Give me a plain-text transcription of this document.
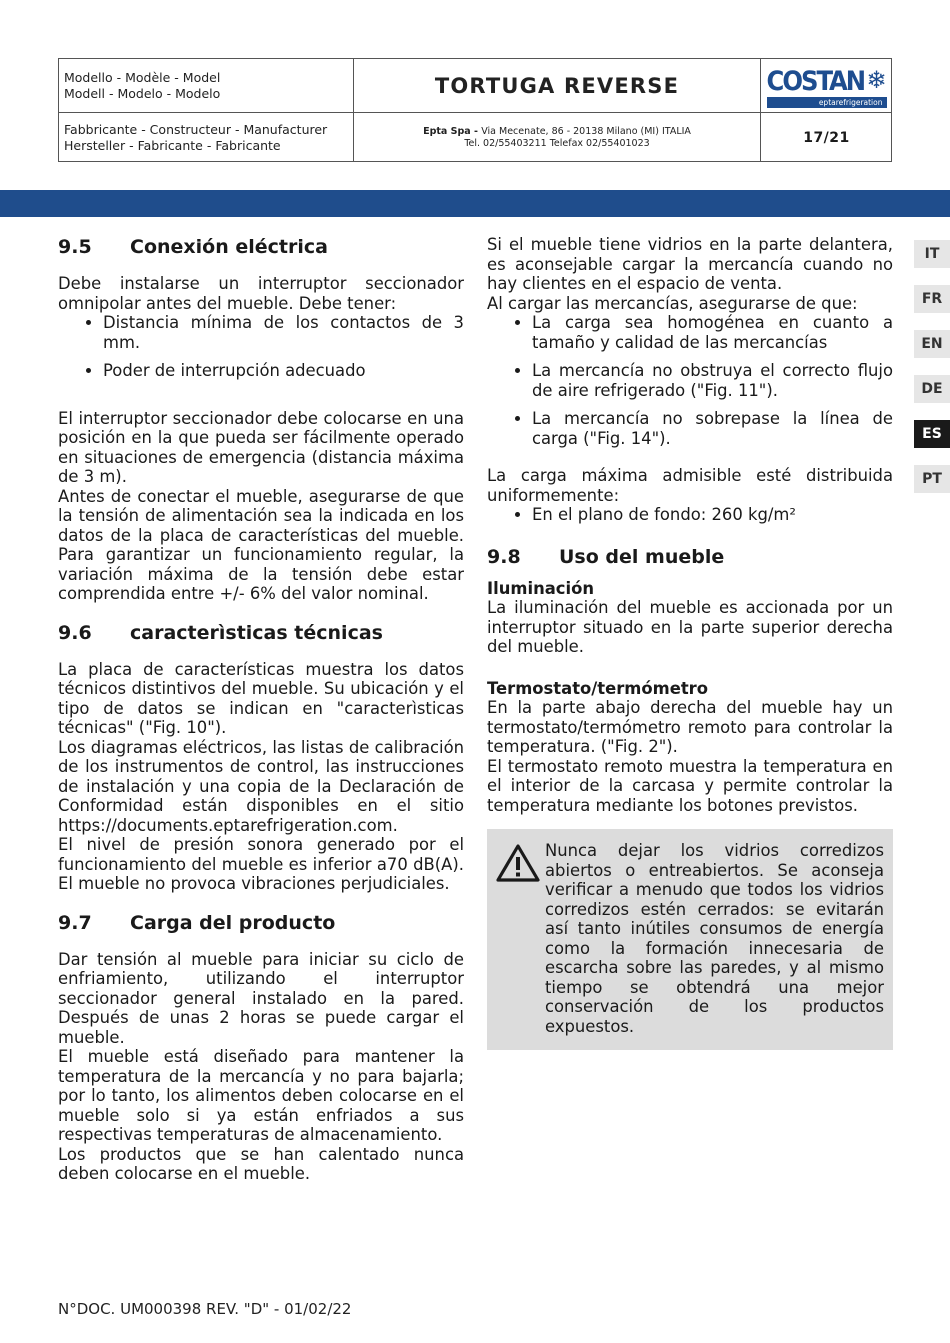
Modello - Modèle - Model
Modell - Modelo - Modelo	TORTUGA REVERSE	COSTAN ❄
eptarefrigeration
Fabbricante - Constructeur - Manufacturer
Hersteller - Fabricante - Fabricante
Epta Spa - Via Mecenate, 86 - 20138 Milano (MI) ITALIA
Tel. 02/55403211 Telefax 02/55401023	17/21
IT
FR
EN
DE
ES
PT
9.5	Conexión eléctrica

Debe instalarse un interruptor seccionador omnipolar antes del mueble. Debe tener:

• Distancia mínima de los contactos de 3 mm.
• Poder de interrupción adecuado

El interruptor seccionador debe colocarse en una posición en la que pueda ser fácilmente operado en situaciones de emergencia (distancia máxima de 3 m).

Antes de conectar el mueble, asegurarse de que la tensión de alimentación sea la indicada en los datos de la placa de características del mueble. Para garantizar un funcionamiento regular, la variación máxima de la tensión debe estar comprendida entre +/- 6% del valor nominal.

9.6	caracterìsticas técnicas

La placa de características muestra los datos técnicos distintivos del mueble. Su ubicación y el tipo de datos se indican en "caracterìsticas técnicas" ("Fig. 10").

Los diagramas eléctricos, las listas de calibración de los instrumentos de control, las instrucciones de instalación y una copia de la Declaración de Conformidad están disponibles en el sitio https://documents.eptarefrigeration.com.

El nivel de presión sonora generado por el funcionamiento del mueble es inferior a70 dB(A). El mueble no provoca vibraciones perjudiciales.

9.7	Carga del producto

Dar tensión al mueble para iniciar su ciclo de enfriamiento, utilizando el interruptor seccionador general instalado en la pared. Después de unas 2 horas se puede cargar el mueble.

El mueble está diseñado para mantener la temperatura de la mercancía y no para bajarla; por lo tanto, los alimentos deben colocarse en el mueble solo si ya están enfriados a sus respectivas temperaturas de almacenamiento.

Los productos que se han calentado nunca deben colocarse en el mueble.

Si el mueble tiene vidrios en la parte delantera, es aconsejable cargar la mercancía cuando no hay clientes en el espacio de venta.

Al cargar las mercancías, asegurarse de que:

• La carga sea homogénea en cuanto a tamaño y calidad de las mercancías
• La mercancía no obstruya el correcto flujo de aire refrigerado ("Fig. 11").
• La mercancía no sobrepase la línea de carga ("Fig. 14").

La carga máxima admisible esté distribuida uniformemente:

• En el plano de fondo: 260 kg/m²
9.8	Uso del mueble

Iluminación

La iluminación del mueble es accionada por un interruptor situado en la parte superior derecha del mueble.

Termostato/termómetro

En la parte abajo derecha del mueble hay un termostato/termómetro remoto para controlar la temperatura. ("Fig. 2").

El termostato remoto muestra la temperatura en el interior de la carcasa y permite controlar la temperatura mediante los botones previstos.

Nunca dejar los vidrios corredizos abiertos o entreabiertos. Se aconseja verificar a menudo que todos los vidrios corredizos estén cerrados: se evitarán así tanto inútiles consumos de energía como la formación innecesaria de escarcha sobre las paredes, y al mismo tiempo se obtendrá una mejor conservación de los productos expuestos.
N°DOC. UM000398 REV. "D" - 01/02/22
